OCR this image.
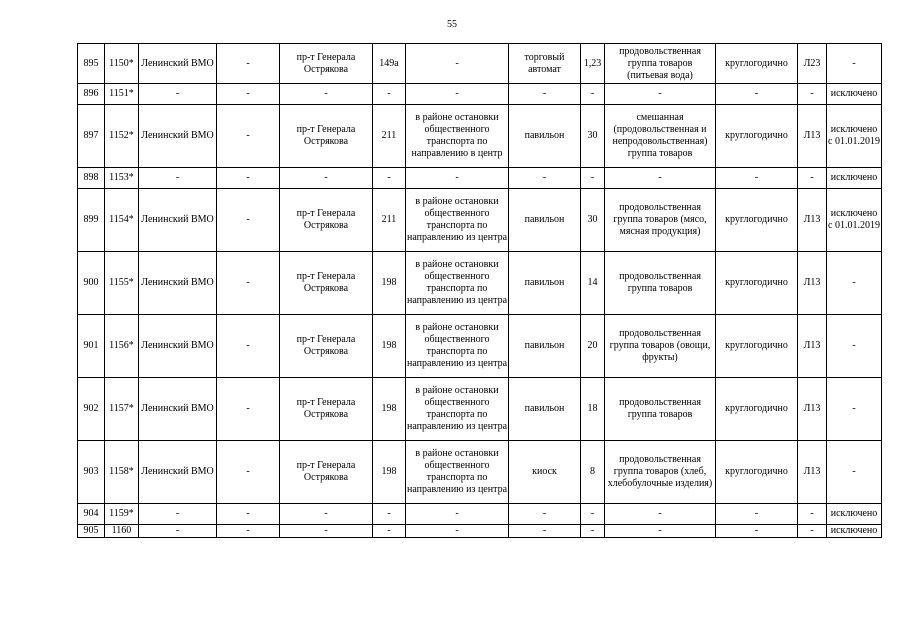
55
895	1150*	Ленинский ВМО	-	пр-т Генерала Острякова	149а	-	торговый автомат	1,23	продовольственная группа товаров (питьевая вода)	круглогодично	Л23	-
896	1151*	-	-	-	-	-	-	-	-	-	-	исключено
897	1152*	Ленинский ВМО	-	пр-т Генерала Острякова	211	в районе остановки общественного транспорта по направлению в центр	павильон	30	смешанная (продовольственная и непродовольственная) группа товаров	круглогодично	Л13	исключено с 01.01.2019
898	1153*	-	-	-	-	-	-	-	-	-	-	исключено
899	1154*	Ленинский ВМО	-	пр-т Генерала Острякова	211	в районе остановки общественного транспорта по направлению из центра	павильон	30	продовольственная группа товаров (мясо, мясная продукция)	круглогодично	Л13	исключено с 01.01.2019
900	1155*	Ленинский ВМО	-	пр-т Генерала Острякова	198	в районе остановки общественного транспорта по направлению из центра	павильон	14	продовольственная группа товаров	круглогодично	Л13	-
901	1156*	Ленинский ВМО	-	пр-т Генерала Острякова	198	в районе остановки общественного транспорта по направлению из центра	павильон	20	продовольственная группа товаров (овощи, фрукты)	круглогодично	Л13	-
902	1157*	Ленинский ВМО	-	пр-т Генерала Острякова	198	в районе остановки общественного транспорта по направлению из центра	павильон	18	продовольственная группа товаров	круглогодично	Л13	-
903	1158*	Ленинский ВМО	-	пр-т Генерала Острякова	198	в районе остановки общественного транспорта по направлению из центра	киоск	8	продовольственная группа товаров (хлеб, хлебобулочные изделия)	круглогодично	Л13	-
904	1159*	-	-	-	-	-	-	-	-	-	-	исключено
905	1160	-	-	-	-	-	-	-	-	-	-	исключено
